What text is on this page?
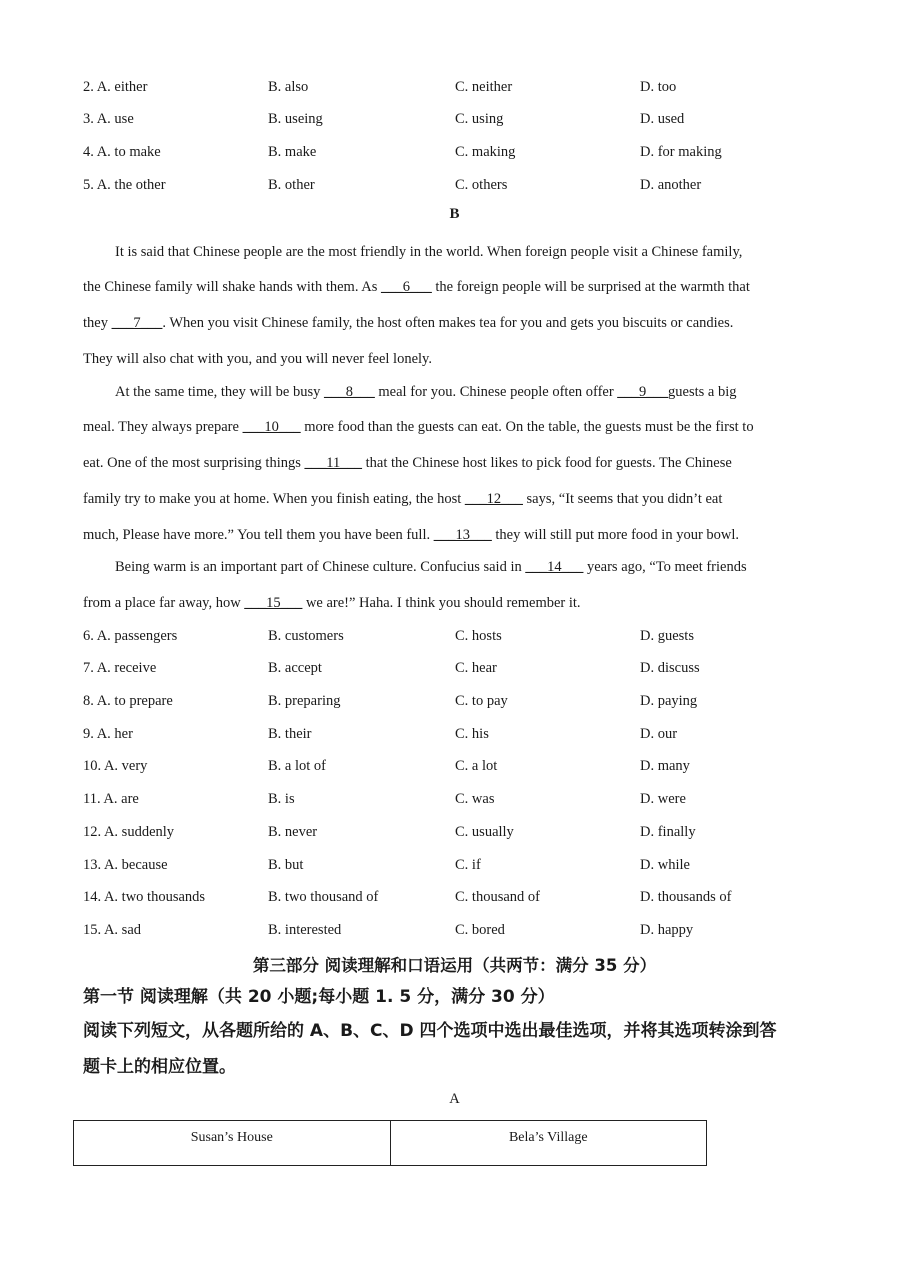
2. A. either	B. also	C. neither	D. too
3. A. use	B. useing	C. using	D. used
4. A. to make	B. make	C. making	D. for making
5. A. the other	B. other	C. others	D. another
B
It is said that Chinese people are the most friendly in the world. When foreign people visit a Chinese family,
the Chinese family will shake hands with them. As ___6___ the foreign people will be surprised at the warmth that
they ___7___. When you visit Chinese family, the host often makes tea for you and gets you biscuits or candies.
They will also chat with you, and you will never feel lonely.
At the same time, they will be busy ___8___ meal for you. Chinese people often offer ___9___guests a big
meal. They always prepare ___10___ more food than the guests can eat. On the table, the guests must be the first to
eat. One of the most surprising things ___11___ that the Chinese host likes to pick food for guests. The Chinese
family try to make you at home. When you finish eating, the host ___12___ says, “It seems that you didn’t eat
much, Please have more.” You tell them you have been full. ___13___ they will still put more food in your bowl.
Being warm is an important part of Chinese culture. Confucius said in ___14___ years ago, “To meet friends
from a place far away, how ___15___ we are!” Haha. I think you should remember it.
6. A. passengers	B. customers	C. hosts	D. guests
7. A. receive	B. accept	C. hear	D. discuss
8. A. to prepare	B. preparing	C. to pay	D. paying
9. A. her	B. their	C. his	D. our
10. A. very	B. a lot of	C. a lot	D. many
11. A. are	B. is	C. was	D. were
12. A. suddenly	B. never	C. usually	D. finally
13. A. because	B. but	C. if	D. while
14. A. two thousands	B. two thousand of	C. thousand of	D. thousands of
15. A. sad	B. interested	C. bored	D. happy
第三部分 阅读理解和口语运用（共两节：满分 35 分）
第一节 阅读理解（共 20 小题;每小题 1. 5 分，满分 30 分）
阅读下列短文，从各题所给的 A、B、C、D 四个选项中选出最佳选项，并将其选项转涂到答
题卡上的相应位置。
A
Susan’s House	Bela’s Village
